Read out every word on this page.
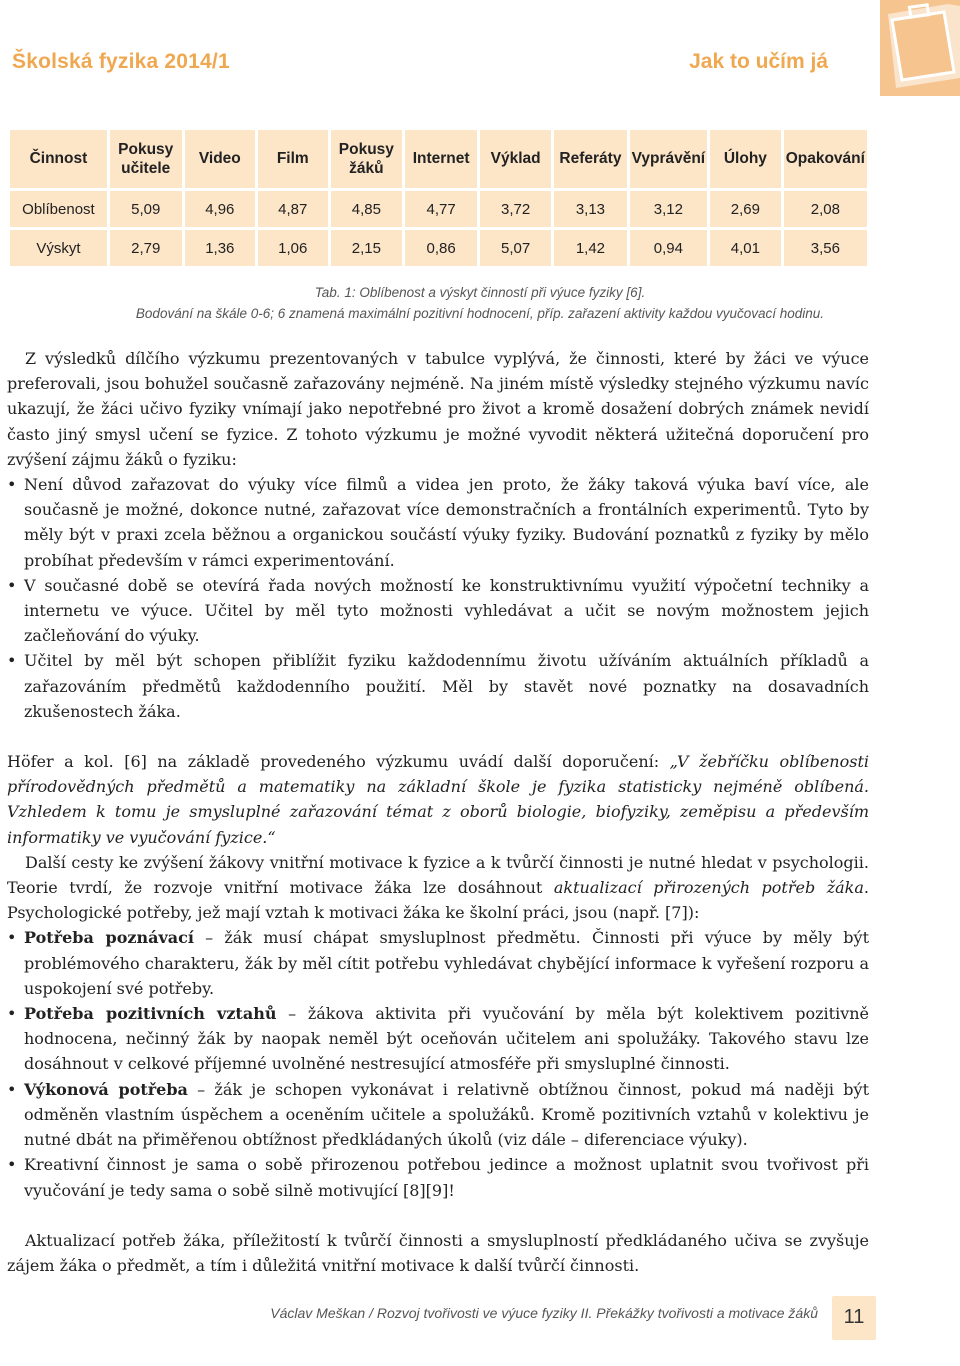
Školská fyzika 2014/1	Jak to učím já
Činnost	Pokusy učitele	Video	Film	Pokusy žáků	Internet	Výklad	Referáty	Vyprávění	Úlohy	Opakování
Oblíbenost	5,09	4,96	4,87	4,85	4,77	3,72	3,13	3,12	2,69	2,08
Výskyt	2,79	1,36	1,06	2,15	0,86	5,07	1,42	0,94	4,01	3,56
Tab. 1: Oblíbenost a výskyt činností při výuce fyziky [6].
Bodování na škále 0-6; 6 znamená maximální pozitivní hodnocení, příp. zařazení aktivity každou vyučovací hodinu.

Z výsledků dílčího výzkumu prezentovaných v tabulce vyplývá, že činnosti, které by žáci ve výuce preferovali, jsou bohužel současně zařazovány nejméně. Na jiném místě výsledky stejného výzkumu navíc ukazují, že žáci učivo fyziky vnímají jako nepotřebné pro život a kromě dosažení dobrých známek nevidí často jiný smysl učení se fyzice. Z tohoto výzkumu je možné vyvodit některá užitečná doporučení pro zvýšení zájmu žáků o fyziku:

• Není důvod zařazovat do výuky více filmů a videa jen proto, že žáky taková výuka baví více, ale současně je možné, dokonce nutné, zařazovat více demonstračních a frontálních experimentů. Tyto by měly být v praxi zcela běžnou a organickou součástí výuky fyziky. Budování poznatků z fyziky by mělo probíhat především v rámci experimentování.
• V současné době se otevírá řada nových možností ke konstruktivnímu využití výpočetní techniky a internetu ve výuce. Učitel by měl tyto možnosti vyhledávat a učit se novým možnostem jejich začleňování do výuky.
• Učitel by měl být schopen přiblížit fyziku každodennímu životu užíváním aktuálních příkladů a zařazováním předmětů každodenního použití. Měl by stavět nové poznatky na dosavadních zkušenostech žáka.

Höfer a kol. [6] na základě provedeného výzkumu uvádí další doporučení: „V žebříčku oblíbenosti přírodovědných předmětů a matematiky na základní škole je fyzika statisticky nejméně oblíbená. Vzhledem k tomu je smysluplné zařazování témat z oborů biologie, biofyziky, zeměpisu a především informatiky ve vyučování fyzice.“

Další cesty ke zvýšení žákovy vnitřní motivace k fyzice a k tvůrčí činnosti je nutné hledat v psychologii. Teorie tvrdí, že rozvoje vnitřní motivace žáka lze dosáhnout aktualizací přirozených potřeb žáka. Psychologické potřeby, jež mají vztah k motivaci žáka ke školní práci, jsou (např. [7]):

• Potřeba poznávací – žák musí chápat smysluplnost předmětu. Činnosti při výuce by měly být problémového charakteru, žák by měl cítit potřebu vyhledávat chybějící informace k vyřešení rozporu a uspokojení své potřeby.
• Potřeba pozitivních vztahů – žákova aktivita při vyučování by měla být kolektivem pozitivně hodnocena, nečinný žák by naopak neměl být oceňován učitelem ani spolužáky. Takového stavu lze dosáhnout v celkové příjemné uvolněné nestresující atmosféře při smysluplné činnosti.
• Výkonová potřeba – žák je schopen vykonávat i relativně obtížnou činnost, pokud má naději být odměněn vlastním úspěchem a oceněním učitele a spolužáků. Kromě pozitivních vztahů v kolektivu je nutné dbát na přiměřenou obtížnost předkládaných úkolů (viz dále – diferenciace výuky).
• Kreativní činnost je sama o sobě přirozenou potřebou jedince a možnost uplatnit svou tvořivost při vyučování je tedy sama o sobě silně motivující [8][9]!

Aktualizací potřeb žáka, příležitostí k tvůrčí činnosti a smysluplností předkládaného učiva se zvyšuje zájem žáka o předmět, a tím i důležitá vnitřní motivace k další tvůrčí činnosti.

Václav Meškan / Rozvoj tvořivosti ve výuce fyziky II. Překážky tvořivosti a motivace žáků	11
